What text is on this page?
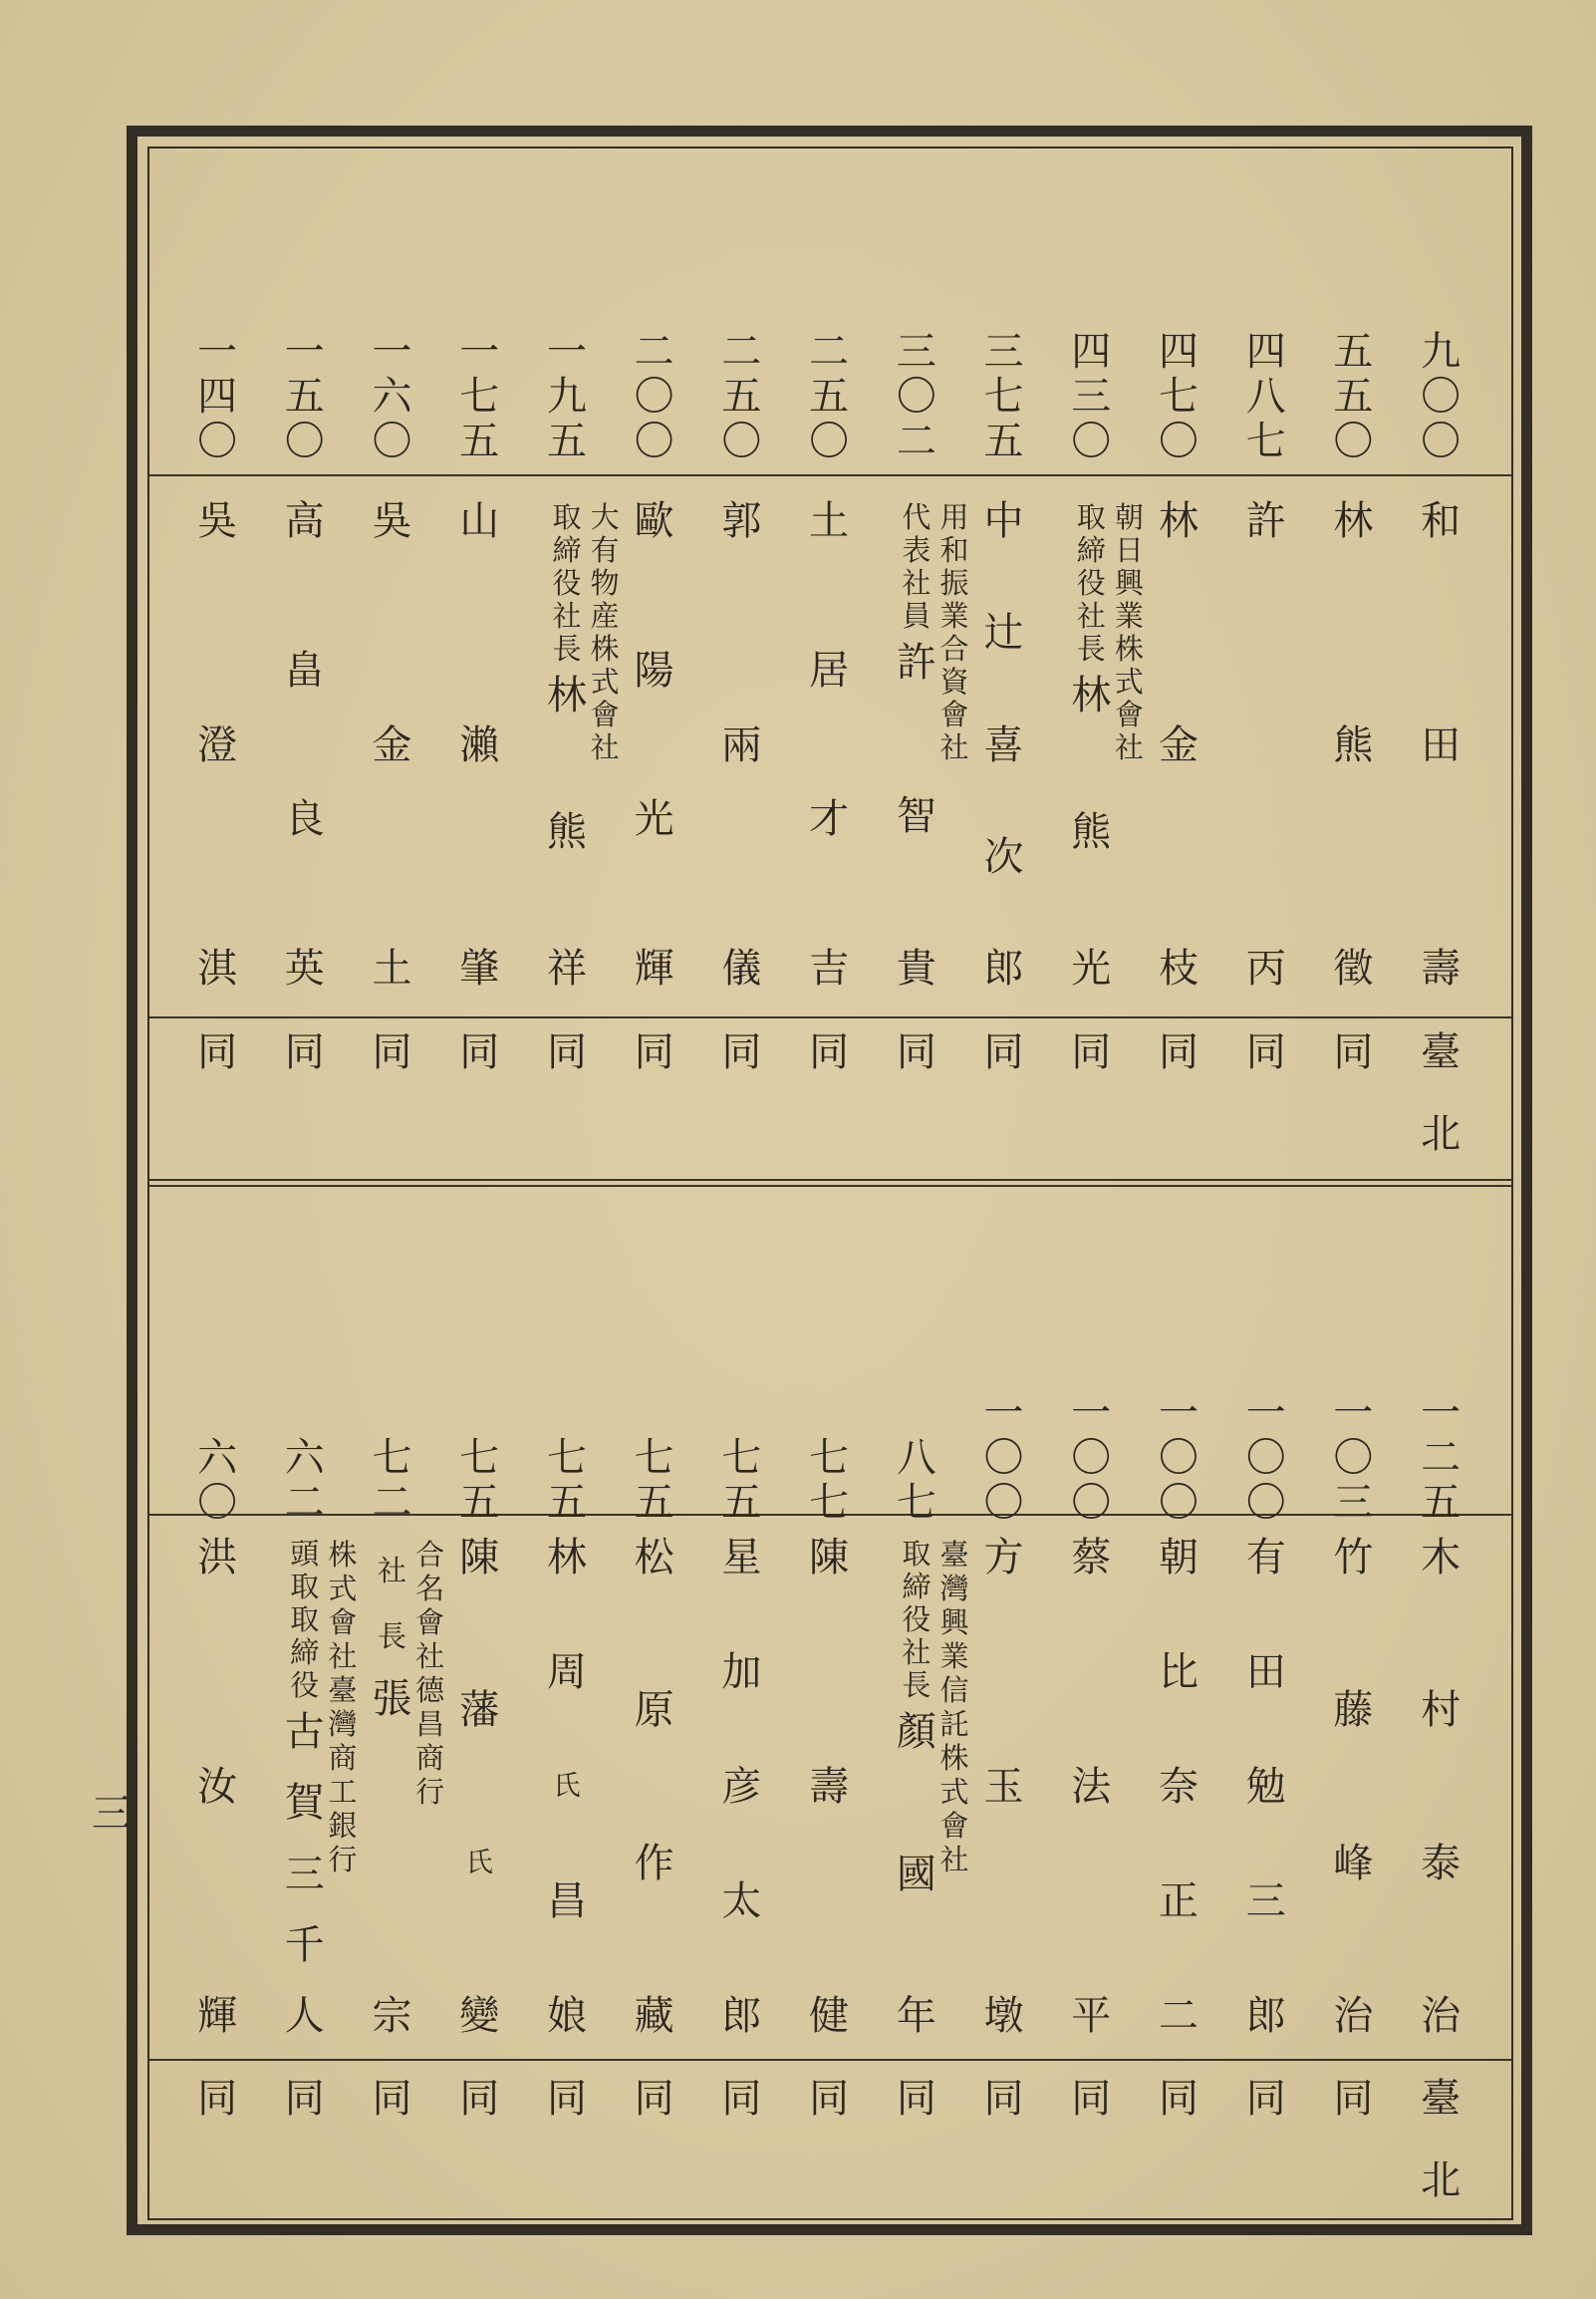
三
九〇〇
和
田
壽
臺北
五五〇
林
熊
徵
同
四八七
許
丙
同
四七〇
林
金
枝
同
四三〇
朝日興業株式會社
取締役社長
林
熊
光
同
三七五
中
辻
喜
次
郎
同
三〇二
用和振業合資會社
代表社員
許
智
貴
同
二五〇
土
居
才
吉
同
二五〇
郭
兩
儀
同
二〇〇
歐
陽
光
輝
同
一九五
大有物産株式會社
取締役社長
林
熊
祥
同
一七五
山
瀨
肇
同
一六〇
吳
金
土
同
一五〇
高
畠
良
英
同
一四〇
吳
澄
淇
同
一二五
木
村
泰
治
臺北
一〇三
竹
藤
峰
治
同
一〇〇
有
田
勉
三
郎
同
一〇〇
朝
比
奈
正
二
同
一〇〇
蔡
法
平
同
一〇〇
方
玉
墩
同
八七
臺灣興業信託株式會社
取締役社長
顏
國
年
同
七七
陳
壽
健
同
七五
星
加
彦
太
郎
同
七五
松
原
作
藏
同
七五
林
周
氏
昌
娘
同
七五
陳
藩
氏
變
同
七二
合名會社德昌商行
社長
張
宗
同
六二
株式會社臺灣商工銀行
頭取取締役
古
賀
三
千
人
同
六〇
洪
汝
輝
同
